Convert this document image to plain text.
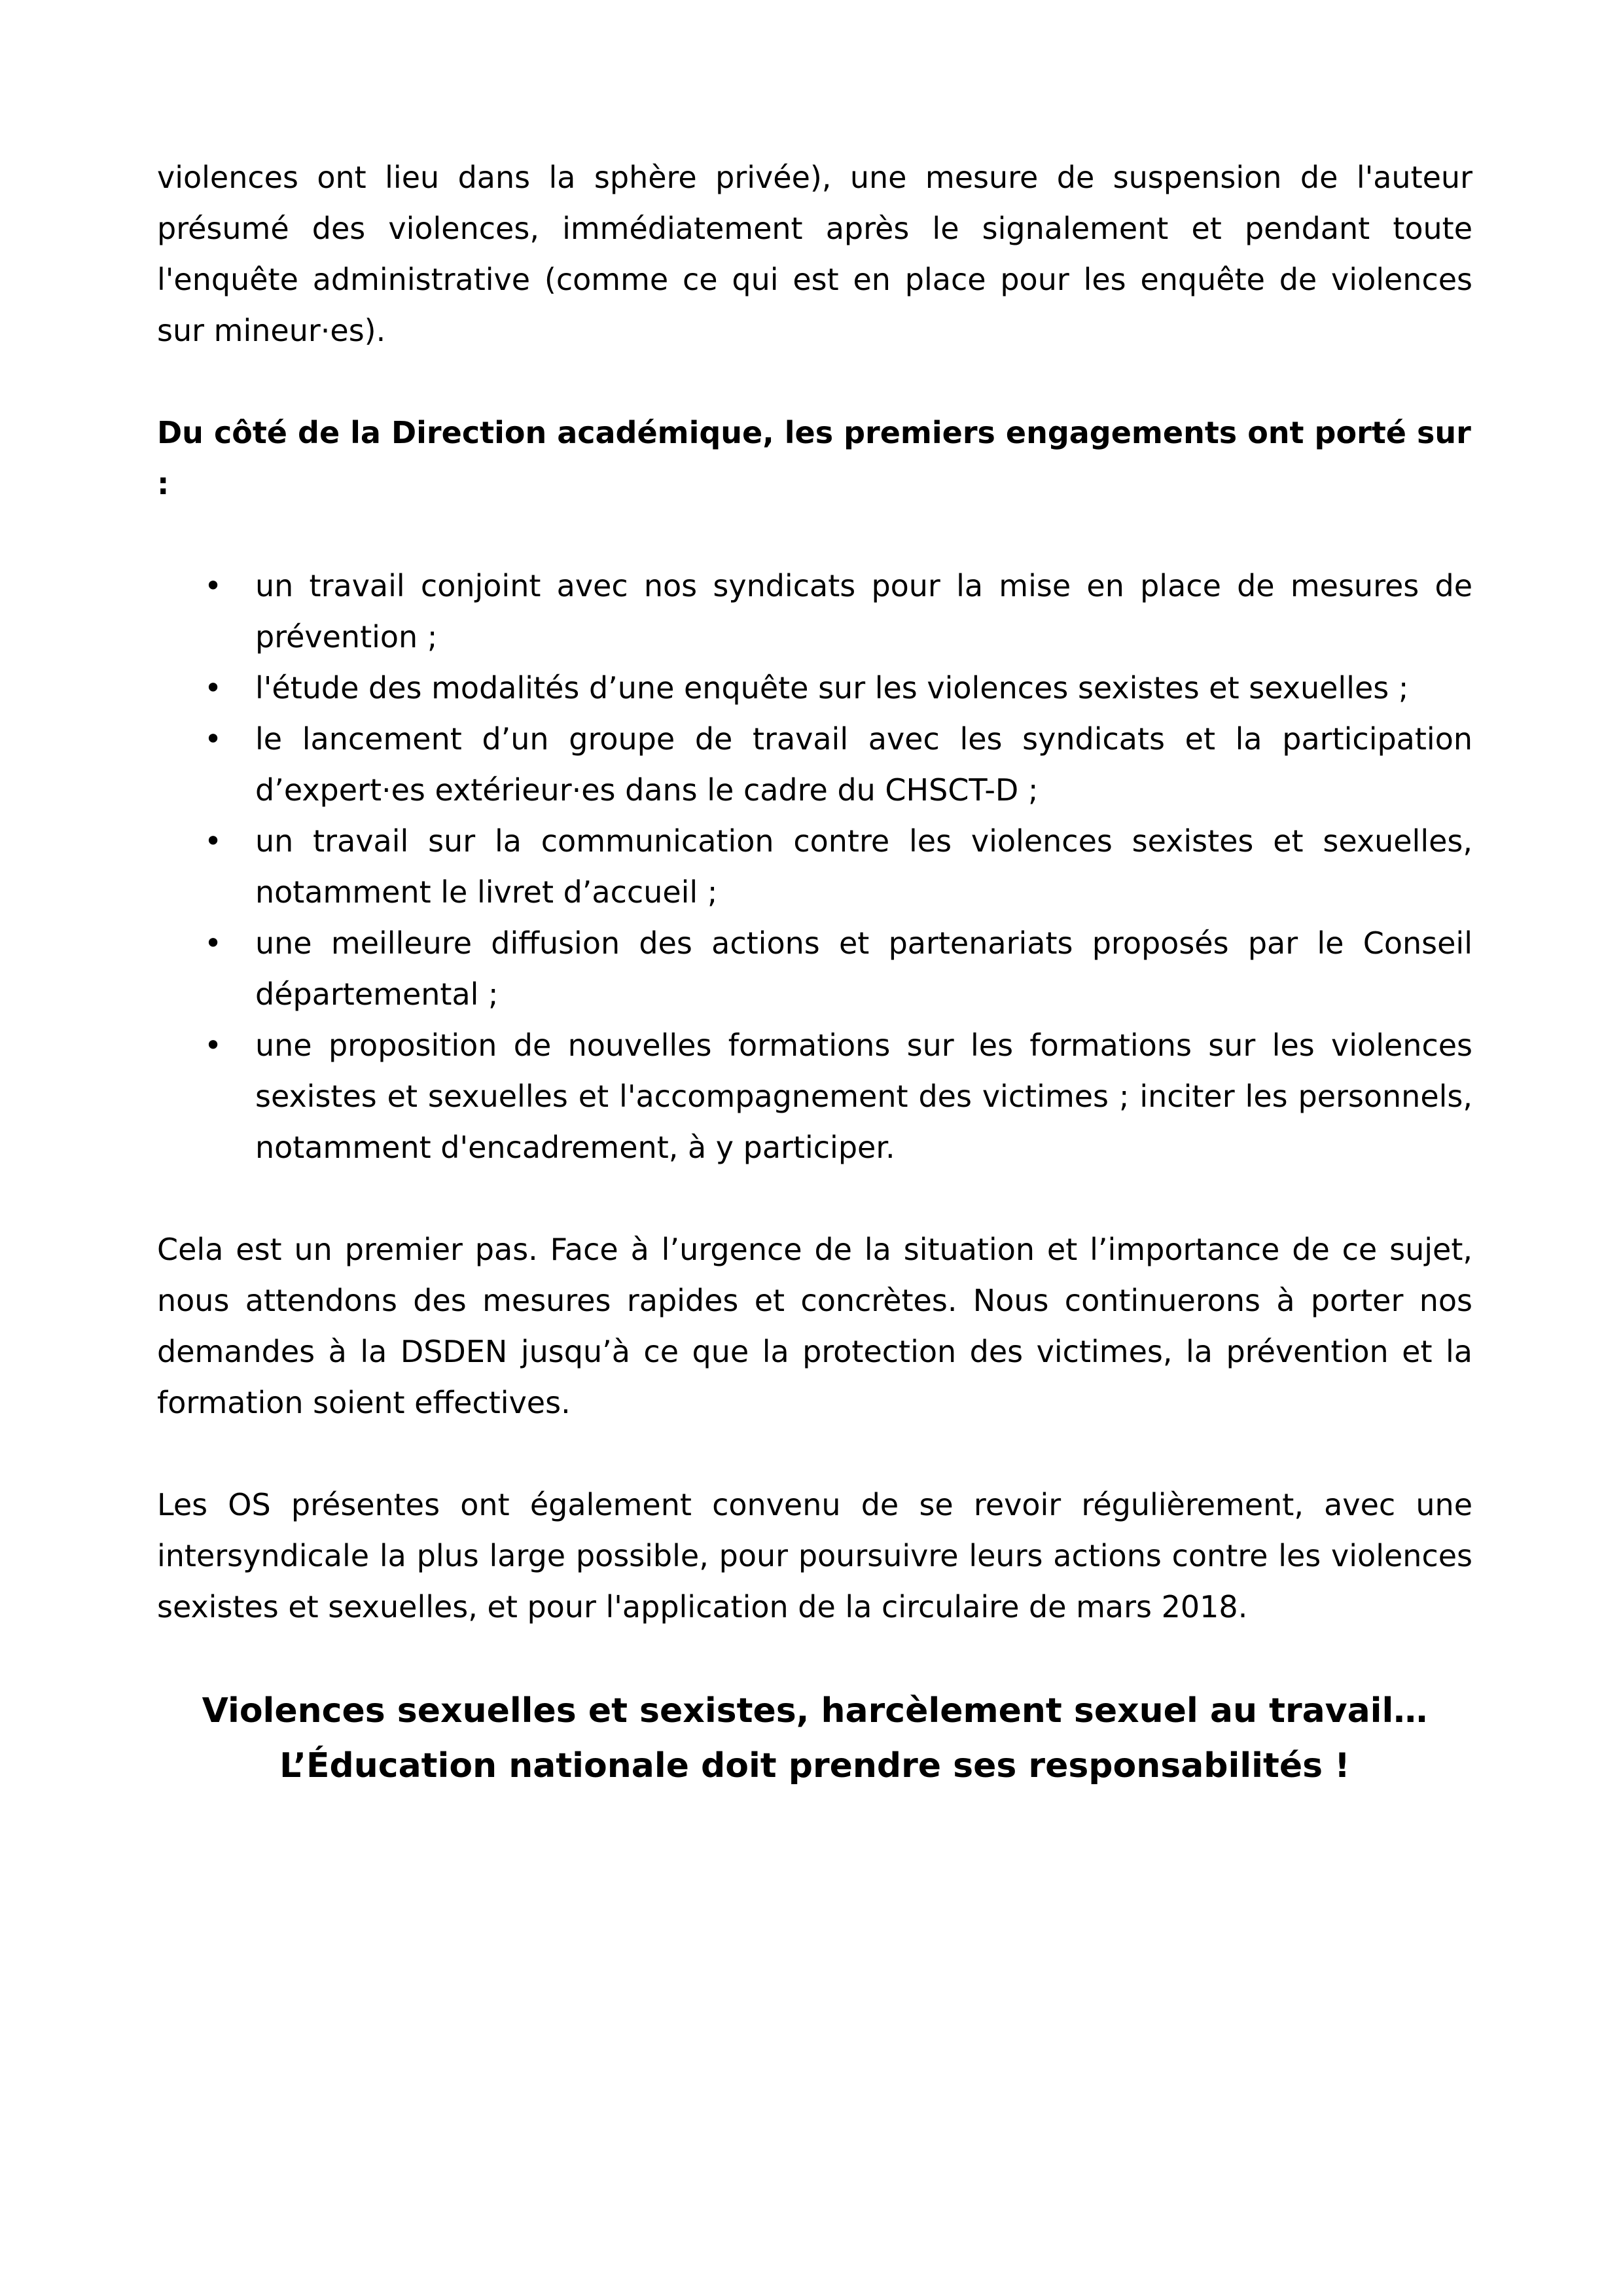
violences ont lieu dans la sphère privée), une mesure de suspension de l'auteur présumé des violences, immédiatement après le signalement et pendant toute l'enquête administrative (comme ce qui est en place pour les enquête de violences sur mineur·es).

Du côté de la Direction académique, les premiers engagements ont porté sur :

• un travail conjoint avec nos syndicats pour la mise en place de mesures de prévention ;
• l'étude des modalités d’une enquête sur les violences sexistes et sexuelles ;
• le lancement d’un groupe de travail avec les syndicats et la participation d’expert·es extérieur·es dans le cadre du CHSCT-D ;
• un travail sur la communication contre les violences sexistes et sexuelles, notamment le livret d’accueil ;
• une meilleure diffusion des actions et partenariats proposés par le Conseil départemental ;
• une proposition de nouvelles formations sur les formations sur les violences sexistes et sexuelles et l'accompagnement des victimes ; inciter les personnels, notamment d'encadrement, à y participer.

Cela est un premier pas. Face à l’urgence de la situation et l’importance de ce sujet, nous attendons des mesures rapides et concrètes. Nous continuerons à porter nos demandes à la DSDEN jusqu’à ce que la protection des victimes, la prévention et la formation soient effectives.

Les OS présentes ont également convenu de se revoir régulièrement, avec une intersyndicale la plus large possible, pour poursuivre leurs actions contre les violences sexistes et sexuelles, et pour l'application de la circulaire de mars 2018.

Violences sexuelles et sexistes, harcèlement sexuel au travail…

L’Éducation nationale doit prendre ses responsabilités !
